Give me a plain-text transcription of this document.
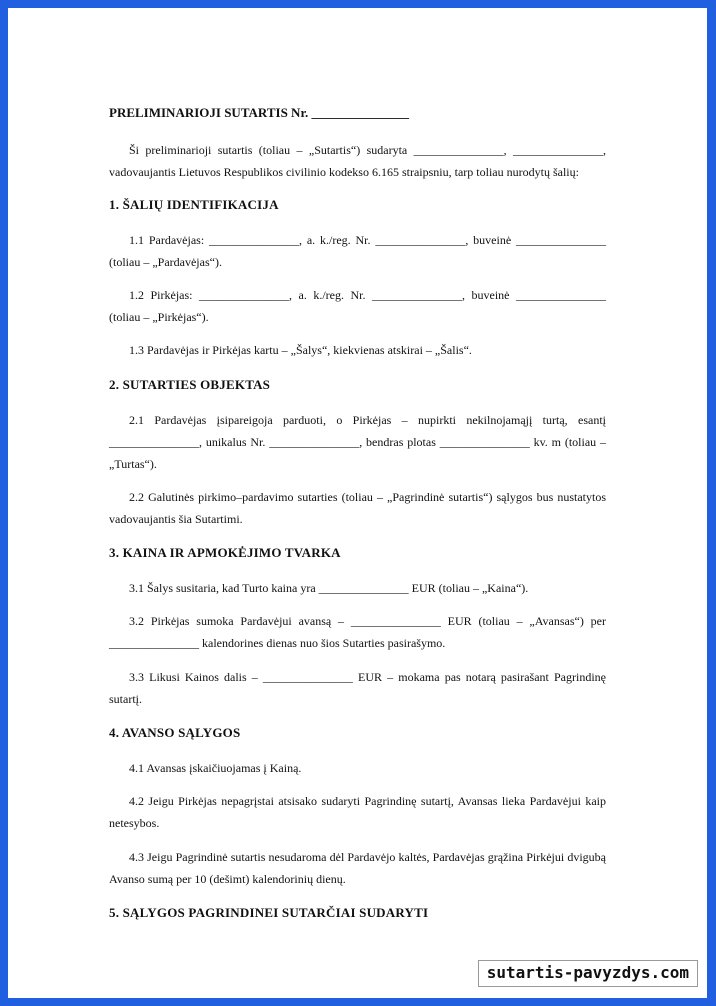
PRELIMINARIOJI SUTARTIS Nr. _______________

Ši preliminarioji sutartis (toliau – „Sutartis“) sudaryta _______________, _______________, vadovaujantis Lietuvos Respublikos civilinio kodekso 6.165 straipsniu, tarp toliau nurodytų šalių:

1. ŠALIŲ IDENTIFIKACIJA

1.1 Pardavėjas: _______________, a. k./reg. Nr. _______________, buveinė _______________ (toliau – „Pardavėjas“).

1.2 Pirkėjas: _______________, a. k./reg. Nr. _______________, buveinė _______________ (toliau – „Pirkėjas“).

1.3 Pardavėjas ir Pirkėjas kartu – „Šalys“, kiekvienas atskirai – „Šalis“.

2. SUTARTIES OBJEKTAS

2.1 Pardavėjas įsipareigoja parduoti, o Pirkėjas – nupirkti nekilnojamąjį turtą, esantį _______________, unikalus Nr. _______________, bendras plotas _______________ kv. m (toliau – „Turtas“).

2.2 Galutinės pirkimo–pardavimo sutarties (toliau – „Pagrindinė sutartis“) sąlygos bus nustatytos vadovaujantis šia Sutartimi.

3. KAINA IR APMOKĖJIMO TVARKA

3.1 Šalys susitaria, kad Turto kaina yra _______________ EUR (toliau – „Kaina“).

3.2 Pirkėjas sumoka Pardavėjui avansą – _______________ EUR (toliau – „Avansas“) per _______________ kalendorines dienas nuo šios Sutarties pasirašymo.

3.3 Likusi Kainos dalis – _______________ EUR – mokama pas notarą pasirašant Pagrindinę sutartį.

4. AVANSO SĄLYGOS

4.1 Avansas įskaičiuojamas į Kainą.

4.2 Jeigu Pirkėjas nepagrįstai atsisako sudaryti Pagrindinę sutartį, Avansas lieka Pardavėjui kaip netesybos.

4.3 Jeigu Pagrindinė sutartis nesudaroma dėl Pardavėjo kaltės, Pardavėjas grąžina Pirkėjui dvigubą Avanso sumą per 10 (dešimt) kalendorinių dienų.

5. SĄLYGOS PAGRINDINEI SUTARČIAI SUDARYTI
sutartis-pavyzdys.com
